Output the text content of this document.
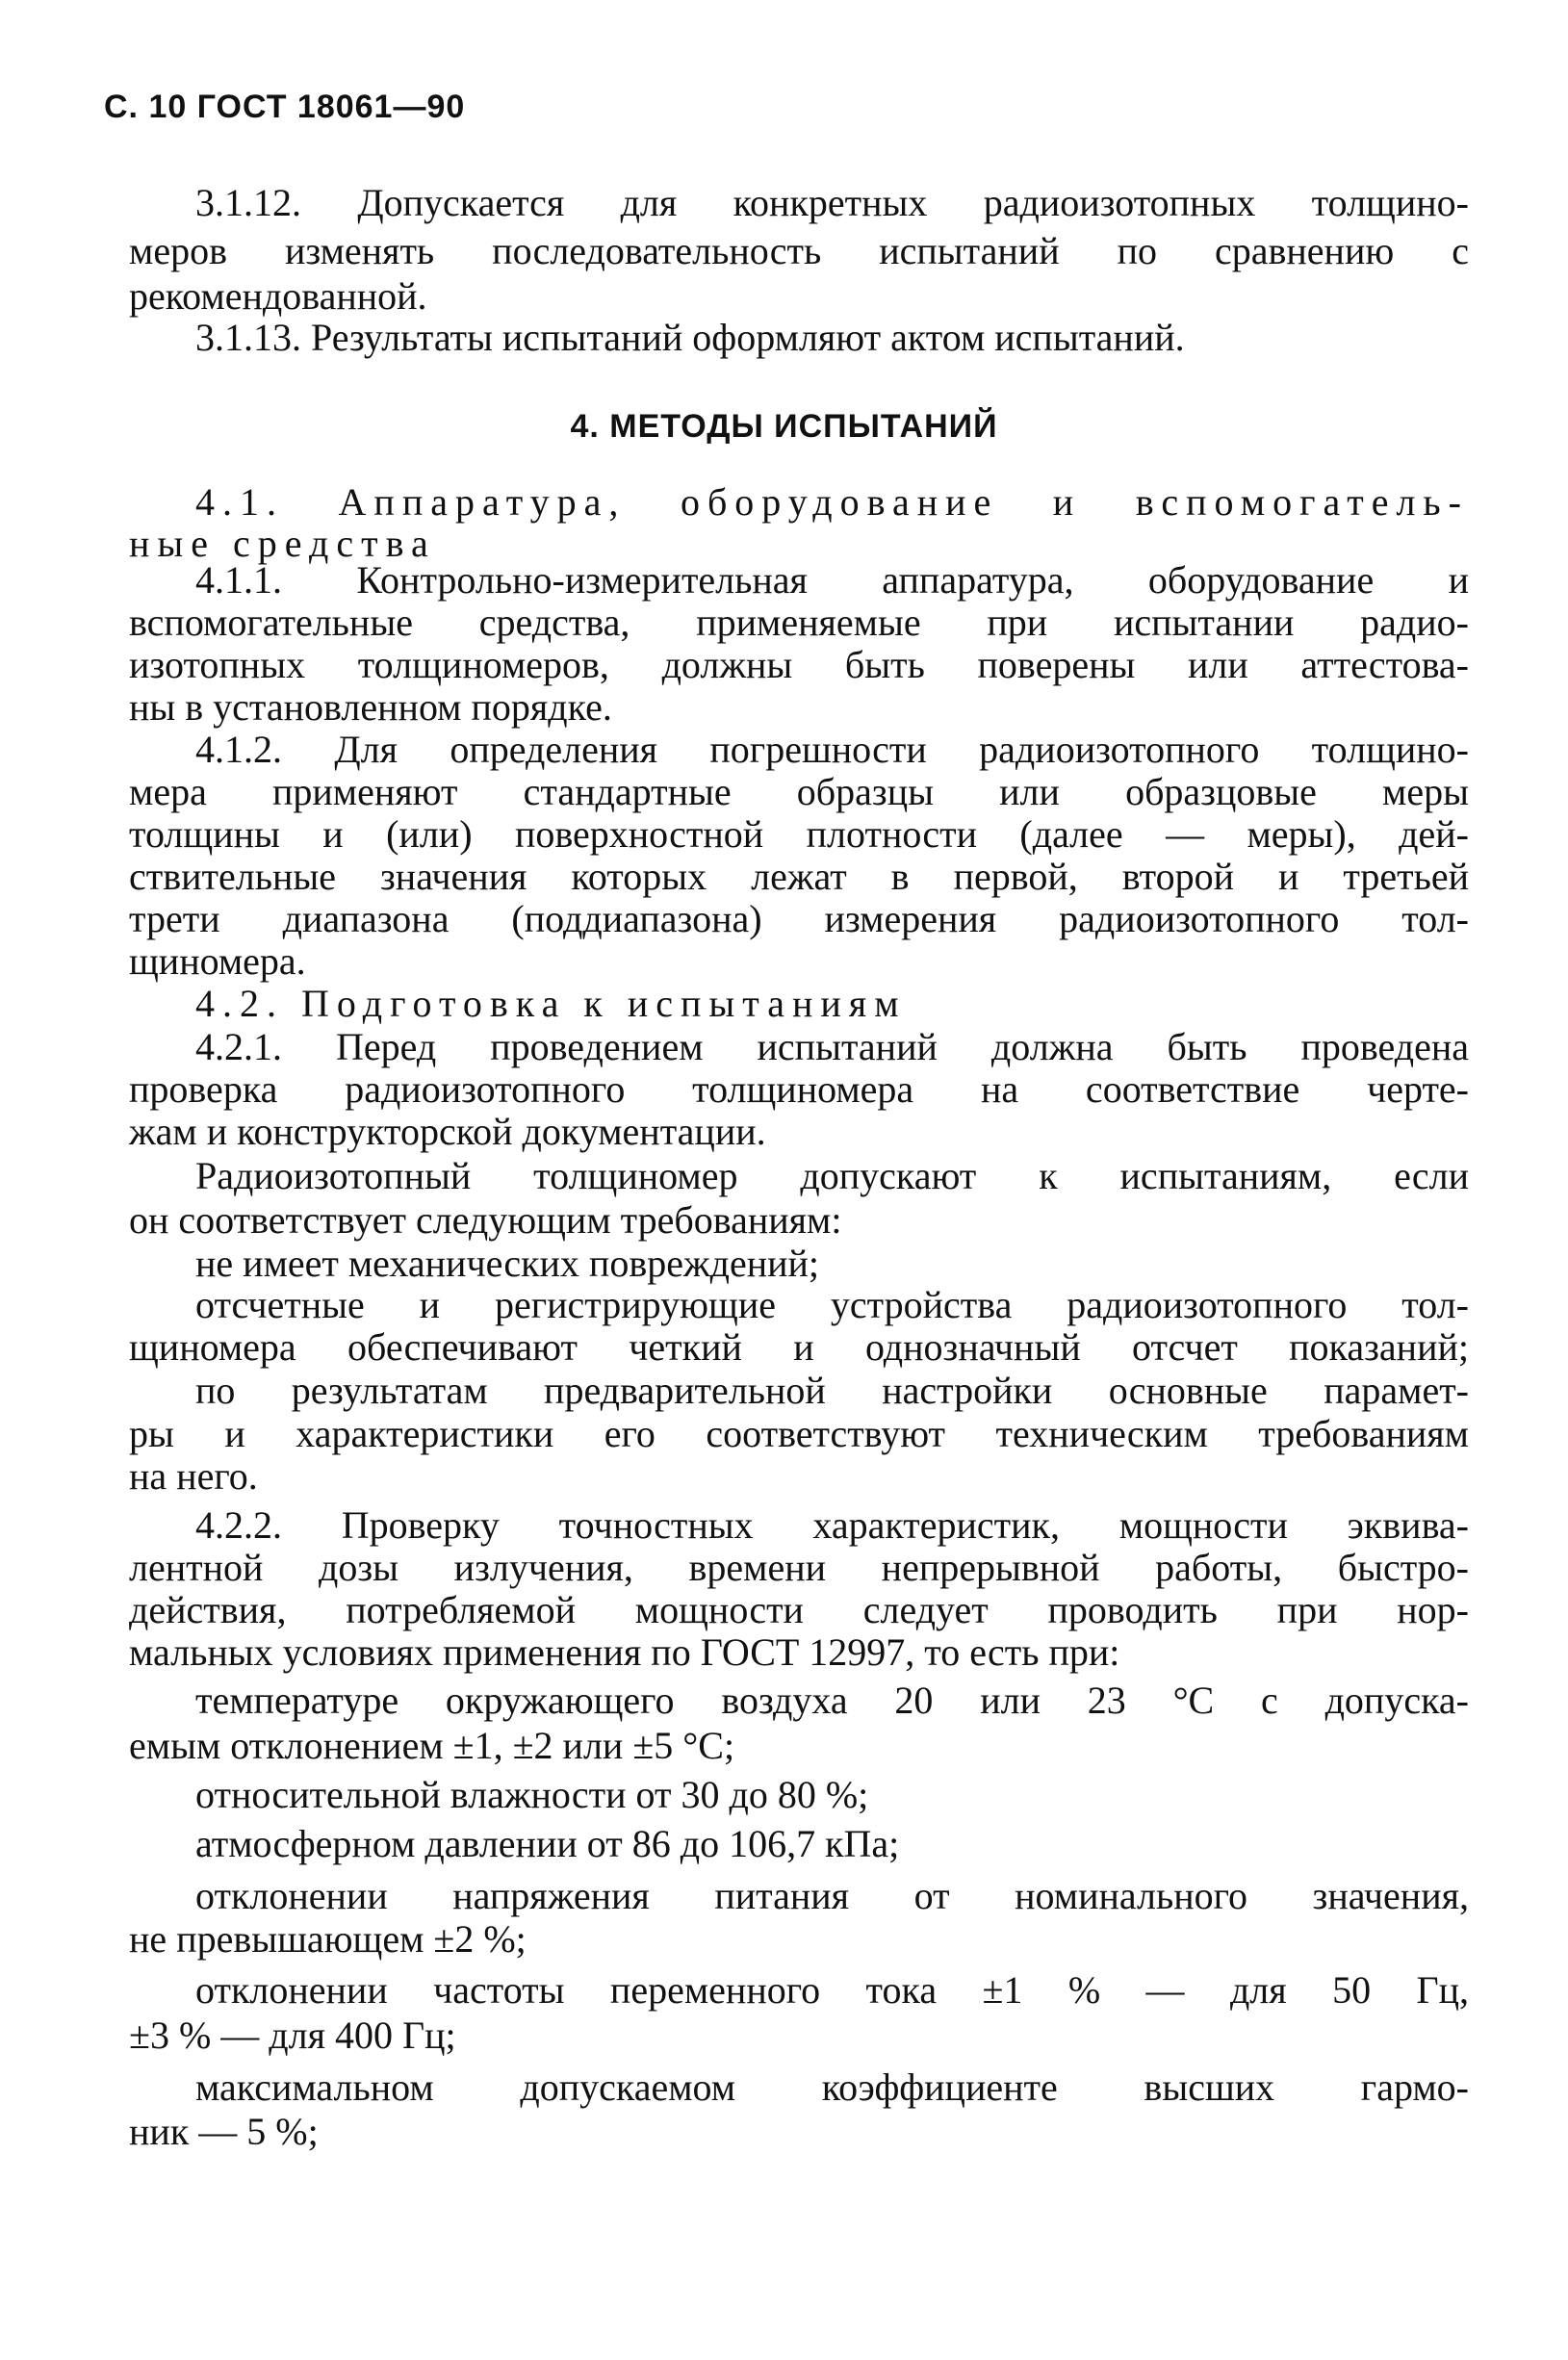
С. 10 ГОСТ 18061—90
3.1.12. Допускается для конкретных радиоизотопных толщино-
меров изменять последовательность испытаний по сравнению с
рекомендованной.
3.1.13. Результаты испытаний оформляют актом испытаний.
4. МЕТОДЫ ИСПЫТАНИЙ
4.1. Аппаратура, оборудование и вспомогатель-
ные средства
4.1.1. Контрольно-измерительная аппаратура, оборудование и
вспомогательные средства, применяемые при испытании радио-
изотопных толщиномеров, должны быть поверены или аттестова-
ны в установленном порядке.
4.1.2. Для определения погрешности радиоизотопного толщино-
мера применяют стандартные образцы или образцовые меры
толщины и (или) поверхностной плотности (далее — меры), дей-
ствительные значения которых лежат в первой, второй и третьей
трети диапазона (поддиапазона) измерения радиоизотопного тол-
щиномера.
4.2. Подготовка к испытаниям
4.2.1. Перед проведением испытаний должна быть проведена
проверка радиоизотопного толщиномера на соответствие черте-
жам и конструкторской документации.
Радиоизотопный толщиномер допускают к испытаниям, если
он соответствует следующим требованиям:
не имеет механических повреждений;
отсчетные и регистрирующие устройства радиоизотопного тол-
щиномера обеспечивают четкий и однозначный отсчет показаний;
по результатам предварительной настройки основные парамет-
ры и характеристики его соответствуют техническим требованиям
на него.
4.2.2. Проверку точностных характеристик, мощности эквива-
лентной дозы излучения, времени непрерывной работы, быстро-
действия, потребляемой мощности следует проводить при нор-
мальных условиях применения по ГОСТ 12997, то есть при:
температуре окружающего воздуха 20 или 23 °С с допуска-
емым отклонением ±1, ±2 или ±5 °С;
относительной влажности от 30 до 80 %;
атмосферном давлении от 86 до 106,7 кПа;
отклонении напряжения питания от номинального значения,
не превышающем ±2 %;
отклонении частоты переменного тока ±1 % — для 50 Гц,
±3 % — для 400 Гц;
максимальном допускаемом коэффициенте высших гармо-
ник — 5 %;
